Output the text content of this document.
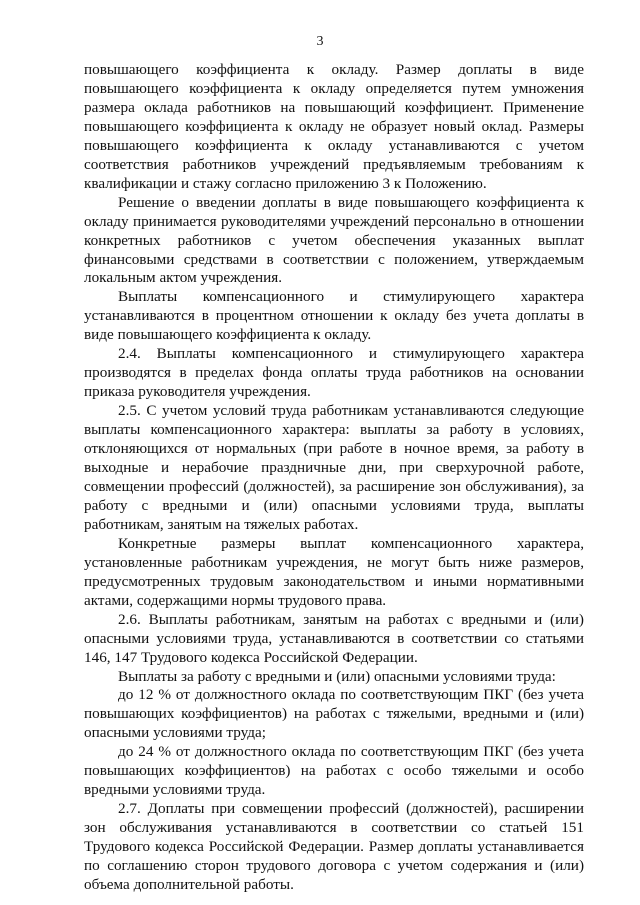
3

повышающего коэффициента к окладу. Размер доплаты в виде повышающего коэффициента к окладу определяется путем умножения размера оклада работников на повышающий коэффициент. Применение повышающего коэффициента к окладу не образует новый оклад. Размеры повышающего коэффициента к окладу устанавливаются с учетом соответствия работников учреждений предъявляемым требованиям к квалификации и стажу согласно приложению 3 к Положению.

Решение о введении доплаты в виде повышающего коэффициента к окладу принимается руководителями учреждений персонально в отношении конкретных работников с учетом обеспечения указанных выплат финансовыми средствами в соответствии с положением, утверждаемым локальным актом учреждения.

Выплаты компенсационного и стимулирующего характера устанавливаются в процентном отношении к окладу без учета доплаты в виде повышающего коэффициента к окладу.

2.4. Выплаты компенсационного и стимулирующего характера производятся в пределах фонда оплаты труда работников на основании приказа руководителя учреждения.

2.5. С учетом условий труда работникам устанавливаются следующие выплаты компенсационного характера: выплаты за работу в условиях, отклоняющихся от нормальных (при работе в ночное время, за работу в выходные и нерабочие праздничные дни, при сверхурочной работе, совмещении профессий (должностей), за расширение зон обслуживания), за работу с вредными и (или) опасными условиями труда, выплаты работникам, занятым на тяжелых работах.

Конкретные размеры выплат компенсационного характера, установленные работникам учреждения, не могут быть ниже размеров, предусмотренных трудовым законодательством и иными нормативными актами, содержащими нормы трудового права.

2.6. Выплаты работникам, занятым на работах с вредными и (или) опасными условиями труда, устанавливаются в соответствии со статьями 146, 147 Трудового кодекса Российской Федерации.

Выплаты за работу с вредными и (или) опасными условиями труда:

до 12 % от должностного оклада по соответствующим ПКГ (без учета повышающих коэффициентов) на работах с тяжелыми, вредными и (или) опасными условиями труда;

до 24 % от должностного оклада по соответствующим ПКГ (без учета повышающих коэффициентов) на работах с особо тяжелыми и особо вредными условиями труда.

2.7. Доплаты при совмещении профессий (должностей), расширении зон обслуживания устанавливаются в соответствии со статьей 151 Трудового кодекса Российской Федерации. Размер доплаты устанавливается по соглашению сторон трудового договора с учетом содержания и (или) объема дополнительной работы.
